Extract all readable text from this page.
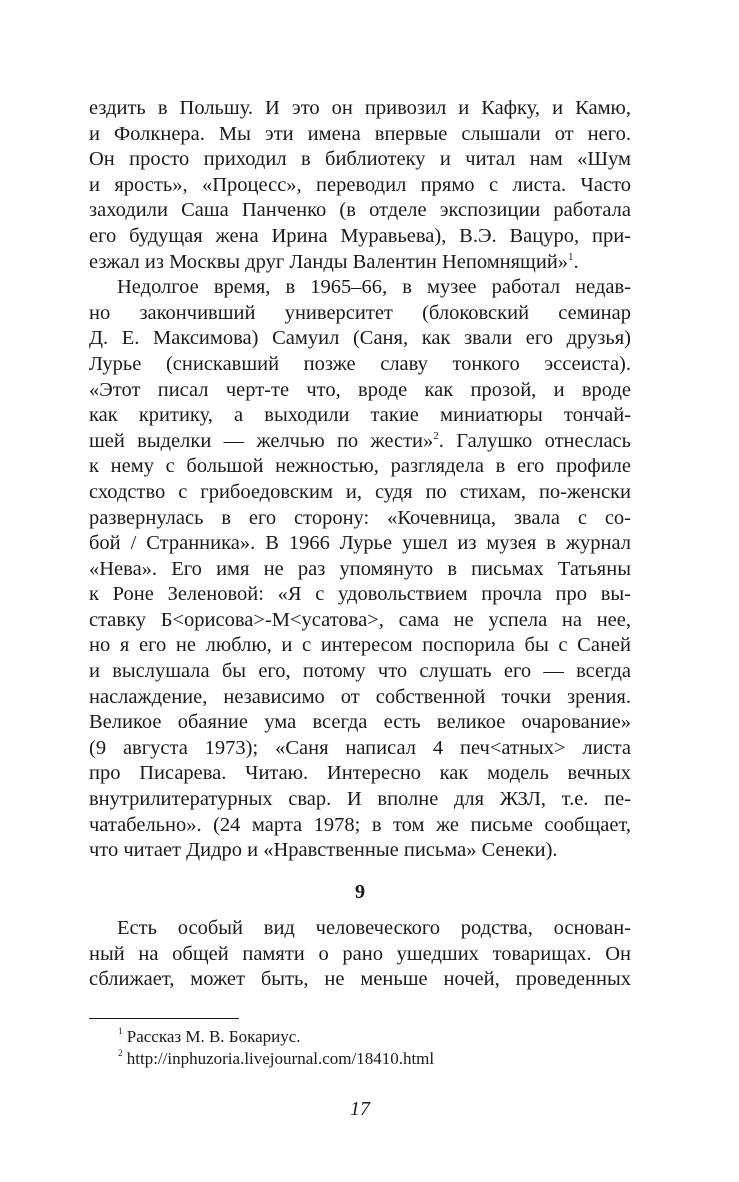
ездить в Польшу. И это он привозил и Кафку, и Камю,
и Фолкнера. Мы эти имена впервые слышали от него.
Он просто приходил в библиотеку и читал нам «Шум
и ярость», «Процесс», переводил прямо с листа. Часто
заходили Саша Панченко (в отделе экспозиции работала
его будущая жена Ирина Муравьева), В.Э. Вацуро, при-
езжал из Москвы друг Ланды Валентин Непомнящий»$^1$.
Недолгое время, в 1965–66, в музее работал недав-
но закончивший университет (блоковский семинар
Д. Е. Максимова) Самуил (Саня, как звали его друзья)
Лурье (снискавший позже славу тонкого эссеиста).
«Этот писал черт-те что, вроде как прозой, и вроде
как критику, а выходили такие миниатюры тончай-
шей выделки — желчью по жести»$^2$. Галушко отнеслась
к нему с большой нежностью, разглядела в его профиле
сходство с грибоедовским и, судя по стихам, по-женски
развернулась в его сторону: «Кочевница, звала с со-
бой / Странника». В 1966 Лурье ушел из музея в журнал
«Нева». Его имя не раз упомянуто в письмах Татьяны
к Роне Зеленовой: «Я с удовольствием прочла про вы-
ставку Б<орисова>-М<усатова>, сама не успела на нее,
но я его не люблю, и с интересом поспорила бы с Саней
и выслушала бы его, потому что слушать его — всегда
наслаждение, независимо от собственной точки зрения.
Великое обаяние ума всегда есть великое очарование»
(9 августа 1973); «Саня написал 4 печ<атных> листа
про Писарева. Читаю. Интересно как модель вечных
внутрилитературных свар. И вполне для ЖЗЛ, т.е. пе-
чатабельно». (24 марта 1978; в том же письме сообщает,
что читает Дидро и «Нравственные письма» Сенеки).
9
Есть особый вид человеческого родства, основан-
ный на общей памяти о рано ушедших товарищах. Он
сближает, может быть, не меньше ночей, проведенных
$^1$ Рассказ М. В. Бокариус.
$^2$ http://inphuzoria.livejournal.com/18410.html
17
